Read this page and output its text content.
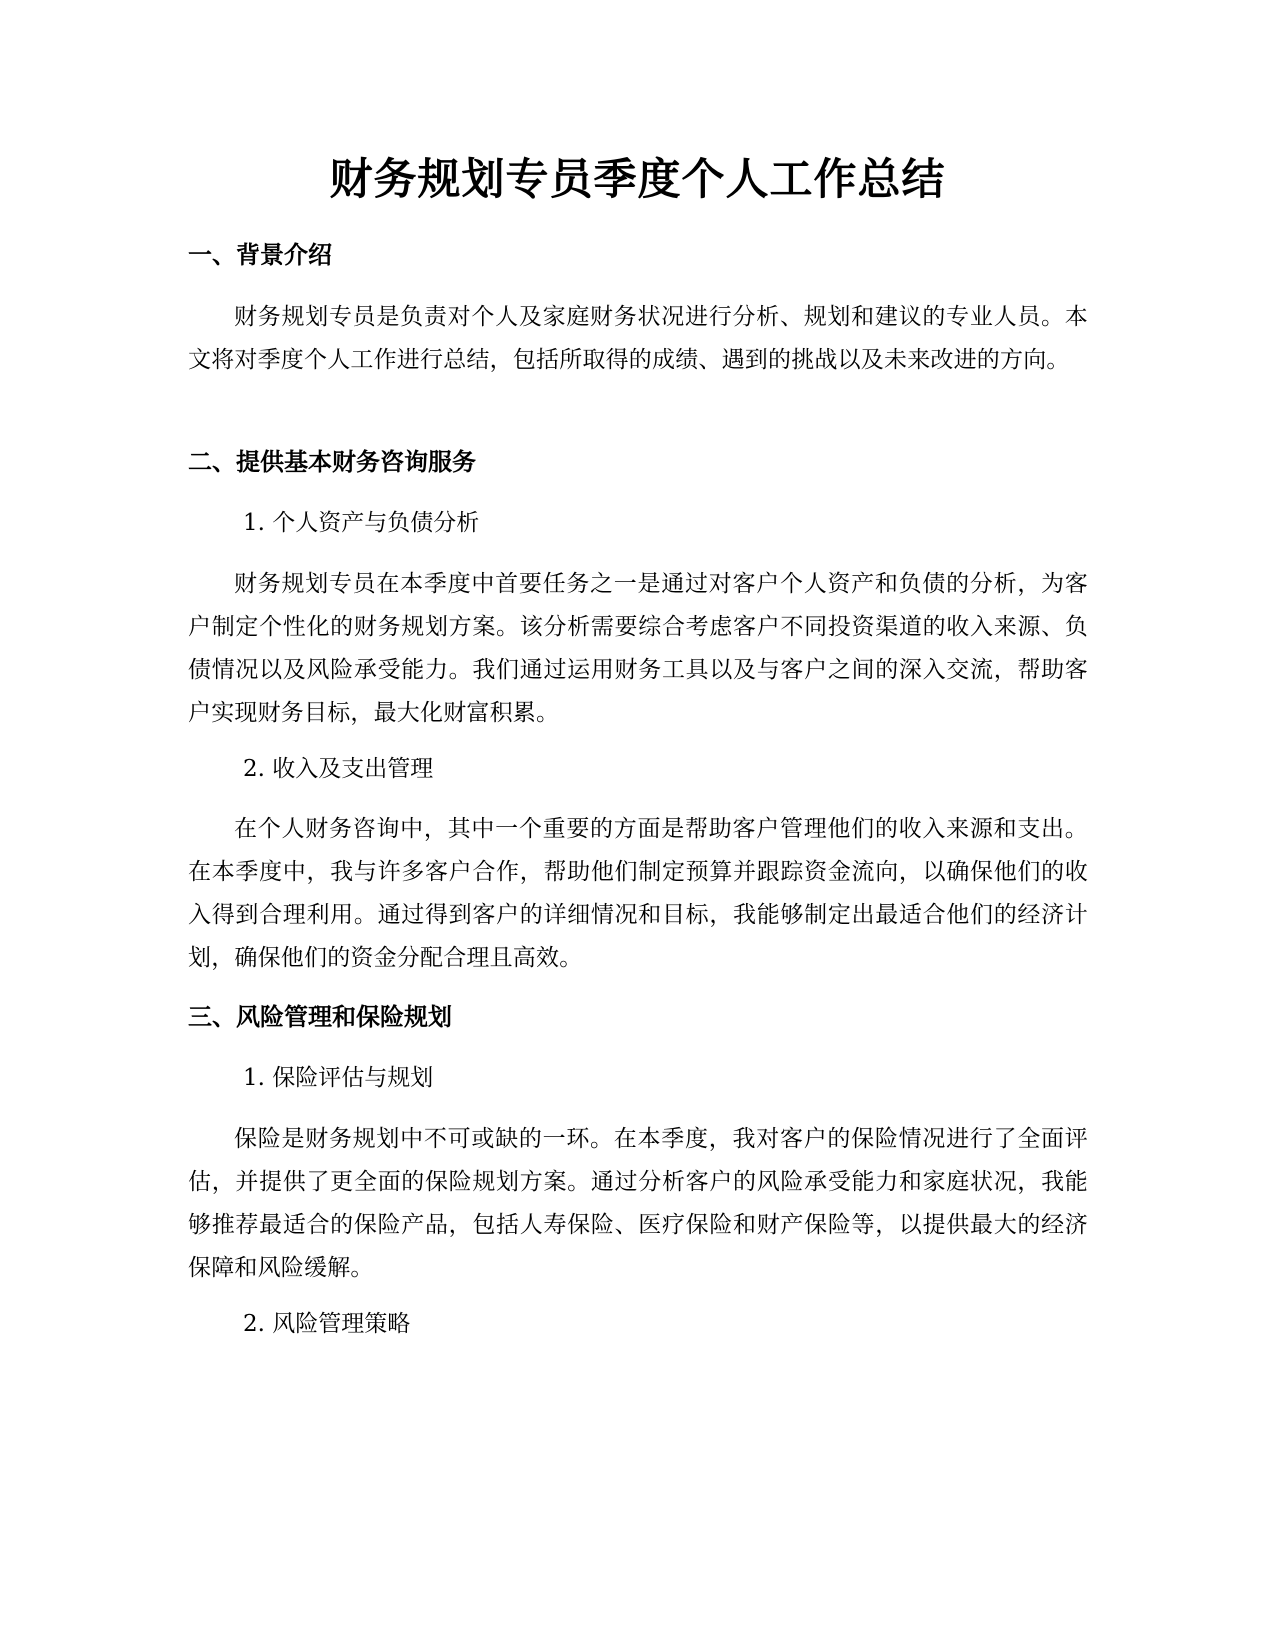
财务规划专员季度个人工作总结
一、背景介绍

财务规划专员是负责对个人及家庭财务状况进行分析、规划和建议的专业人员。本文将对季度个人工作进行总结，包括所取得的成绩、遇到的挑战以及未来改进的方向。

二、提供基本财务咨询服务
1. 个人资产与负债分析

财务规划专员在本季度中首要任务之一是通过对客户个人资产和负债的分析，为客户制定个性化的财务规划方案。该分析需要综合考虑客户不同投资渠道的收入来源、负债情况以及风险承受能力。我们通过运用财务工具以及与客户之间的深入交流，帮助客户实现财务目标，最大化财富积累。

2. 收入及支出管理

在个人财务咨询中，其中一个重要的方面是帮助客户管理他们的收入来源和支出。在本季度中，我与许多客户合作，帮助他们制定预算并跟踪资金流向，以确保他们的收入得到合理利用。通过得到客户的详细情况和目标，我能够制定出最适合他们的经济计划，确保他们的资金分配合理且高效。

三、风险管理和保险规划
1. 保险评估与规划

保险是财务规划中不可或缺的一环。在本季度，我对客户的保险情况进行了全面评估，并提供了更全面的保险规划方案。通过分析客户的风险承受能力和家庭状况，我能够推荐最适合的保险产品，包括人寿保险、医疗保险和财产保险等，以提供最大的经济保障和风险缓解。

2. 风险管理策略
